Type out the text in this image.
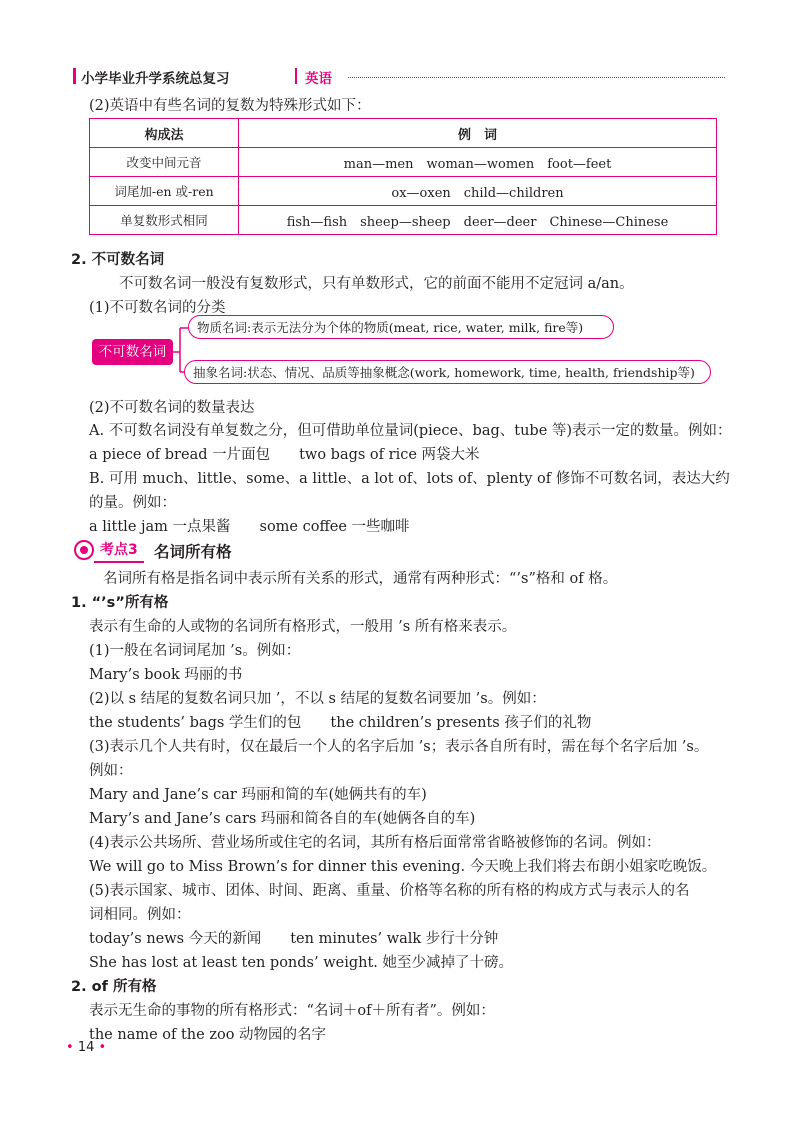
小学毕业升学系统总复习	英语
(2)英语中有些名词的复数为特殊形式如下：
构成法	例　词
改变中间元音	man—men　woman—women　foot—feet
词尾加-en 或-ren	ox—oxen　child—children
单复数形式相同	fish—fish　sheep—sheep　deer—deer　Chinese—Chinese
2. 不可数名词
不可数名词一般没有复数形式，只有单数形式，它的前面不能用不定冠词 a/an。
(1)不可数名词的分类
不可数名词
物质名词:表示无法分为个体的物质(meat, rice, water, milk, fire等)
抽象名词:状态、情况、品质等抽象概念(work, homework, time, health, friendship等)
(2)不可数名词的数量表达
A. 不可数名词没有单复数之分，但可借助单位量词(piece、bag、tube 等)表示一定的数量。例如：
a piece of bread 一片面包　　two bags of rice 两袋大米
B. 可用 much、little、some、a little、a lot of、lots of、plenty of 修饰不可数名词，表达大约
的量。例如：
a little jam 一点果酱　　some coffee 一些咖啡
考点3	名词所有格
名词所有格是指名词中表示所有关系的形式，通常有两种形式：“’s”格和 of 格。
1. “’s”所有格
表示有生命的人或物的名词所有格形式，一般用 ’s 所有格来表示。
(1)一般在名词词尾加 ’s。例如：
Mary’s book 玛丽的书
(2)以 s 结尾的复数名词只加 ’，不以 s 结尾的复数名词要加 ’s。例如：
the students’ bags 学生们的包　　the children’s presents 孩子们的礼物
(3)表示几个人共有时，仅在最后一个人的名字后加 ’s；表示各自所有时，需在每个名字后加 ’s。
例如：
Mary and Jane’s car 玛丽和简的车(她俩共有的车)
Mary’s and Jane’s cars 玛丽和简各自的车(她俩各自的车)
(4)表示公共场所、营业场所或住宅的名词，其所有格后面常常省略被修饰的名词。例如：
We will go to Miss Brown’s for dinner this evening. 今天晚上我们将去布朗小姐家吃晚饭。
(5)表示国家、城市、团体、时间、距离、重量、价格等名称的所有格的构成方式与表示人的名
词相同。例如：
today’s news 今天的新闻　　ten minutes’ walk 步行十分钟
She has lost at least ten ponds’ weight. 她至少减掉了十磅。
2. of 所有格
表示无生命的事物的所有格形式：“名词＋of＋所有者”。例如：
the name of the zoo 动物园的名字
• 14 •
